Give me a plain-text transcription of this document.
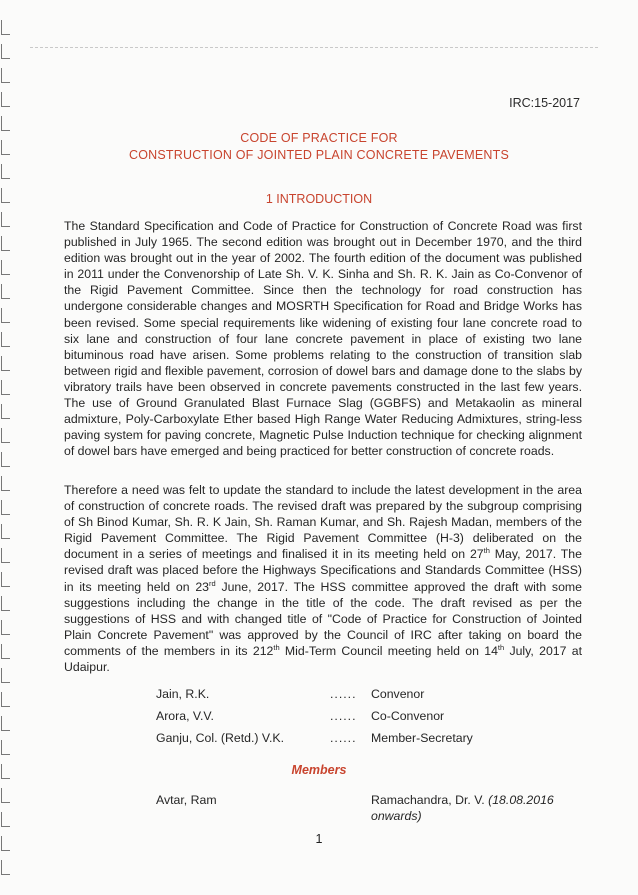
IRC:15-2017
CODE OF PRACTICE FOR
CONSTRUCTION OF JOINTED PLAIN CONCRETE PAVEMENTS
1 INTRODUCTION
The Standard Specification and Code of Practice for Construction of Concrete Road was first published in July 1965. The second edition was brought out in December 1970, and the third edition was brought out in the year of 2002. The fourth edition of the document was published in 2011 under the Convenorship of Late Sh. V. K. Sinha and Sh. R. K. Jain as Co-Convenor of the Rigid Pavement Committee. Since then the technology for road construction has undergone considerable changes and MOSRTH Specification for Road and Bridge Works has been revised. Some special requirements like widening of existing four lane concrete road to six lane and construction of four lane concrete pavement in place of existing two lane bituminous road have arisen. Some problems relating to the construction of transition slab between rigid and flexible pavement, corrosion of dowel bars and damage done to the slabs by vibratory trails have been observed in concrete pavements constructed in the last few years. The use of Ground Granulated Blast Furnace Slag (GGBFS) and Metakaolin as mineral admixture, Poly-Carboxylate Ether based High Range Water Reducing Admixtures, string-less paving system for paving concrete, Magnetic Pulse Induction technique for checking alignment of dowel bars have emerged and being practiced for better construction of concrete roads.
Therefore a need was felt to update the standard to include the latest development in the area of construction of concrete roads. The revised draft was prepared by the subgroup comprising of Sh Binod Kumar, Sh. R. K Jain, Sh. Raman Kumar, and Sh. Rajesh Madan, members of the Rigid Pavement Committee. The Rigid Pavement Committee (H-3) deliberated on the document in a series of meetings and finalised it in its meeting held on 27th May, 2017. The revised draft was placed before the Highways Specifications and Standards Committee (HSS) in its meeting held on 23rd June, 2017. The HSS committee approved the draft with some suggestions including the change in the title of the code. The draft revised as per the suggestions of HSS and with changed title of "Code of Practice for Construction of Jointed Plain Concrete Pavement" was approved by the Council of IRC after taking on board the comments of the members in its 212th Mid-Term Council meeting held on 14th July, 2017 at Udaipur.
Jain, R.K.	...... Convenor
Arora, V.V.	...... Co-Convenor
Ganju, Col. (Retd.) V.K.	...... Member-Secretary
Members
Avtar, Ram	Ramachandra, Dr. V. (18.08.2016
onwards)
1
